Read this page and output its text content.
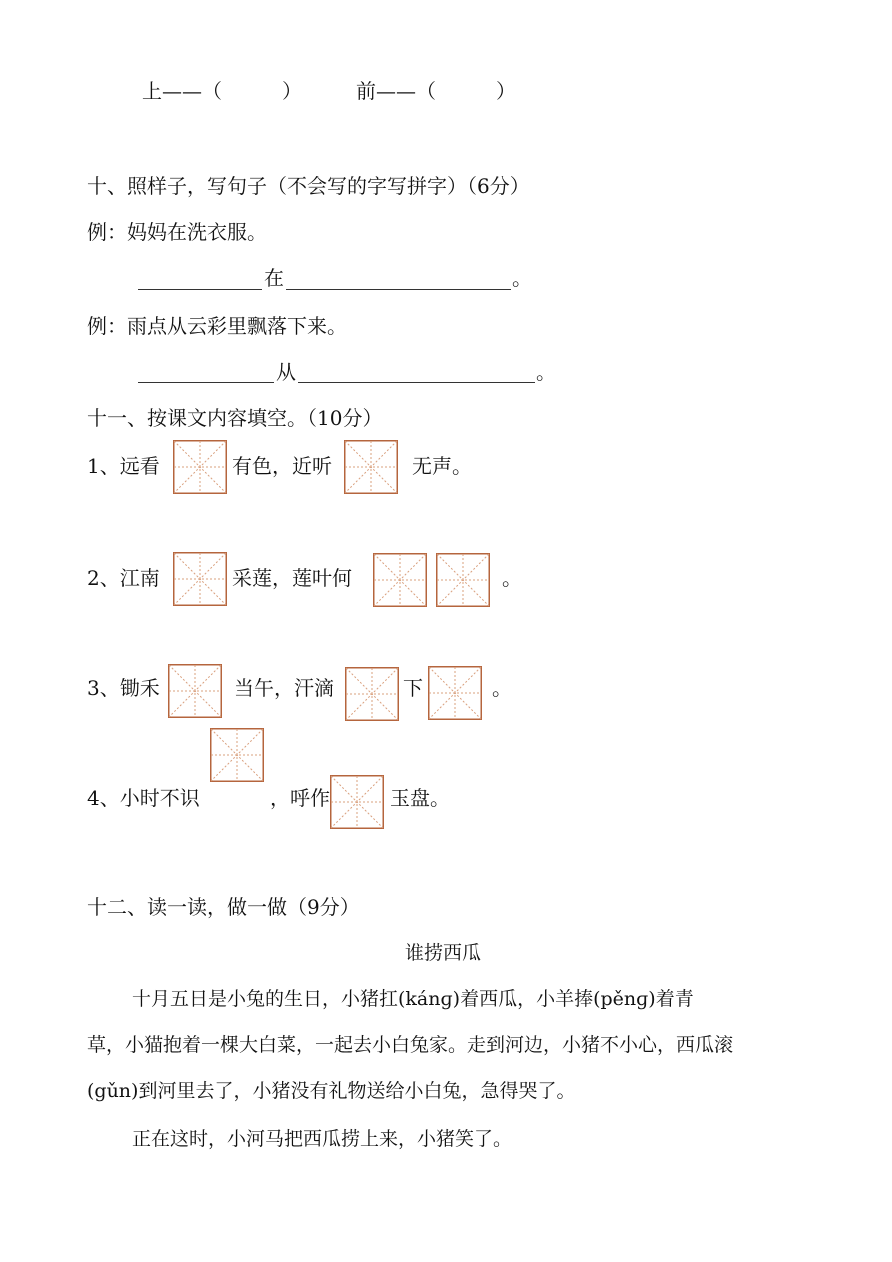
上——（　　　）	前——（　　　）
十、照样子，写句子（不会写的字写拼字）（6分）
例：妈妈在洗衣服。
在	。
例：雨点从云彩里飘落下来。
从	。
十一、按课文内容填空。（10分）
1、远看	有色，近听	无声。
2、江南	采莲，莲叶何	。
3、锄禾	当午，汗滴	下	。
4、小时不识	，呼作	玉盘。
十二、读一读，做一做（9分）
谁捞西瓜
十月五日是小兔的生日，小猪扛(kánɡ)着西瓜，小羊捧(pěnɡ)着青
草，小猫抱着一棵大白菜，一起去小白兔家。走到河边，小猪不小心，西瓜滚
(gǔn)到河里去了，小猪没有礼物送给小白兔，急得哭了。
正在这时，小河马把西瓜捞上来，小猪笑了。
